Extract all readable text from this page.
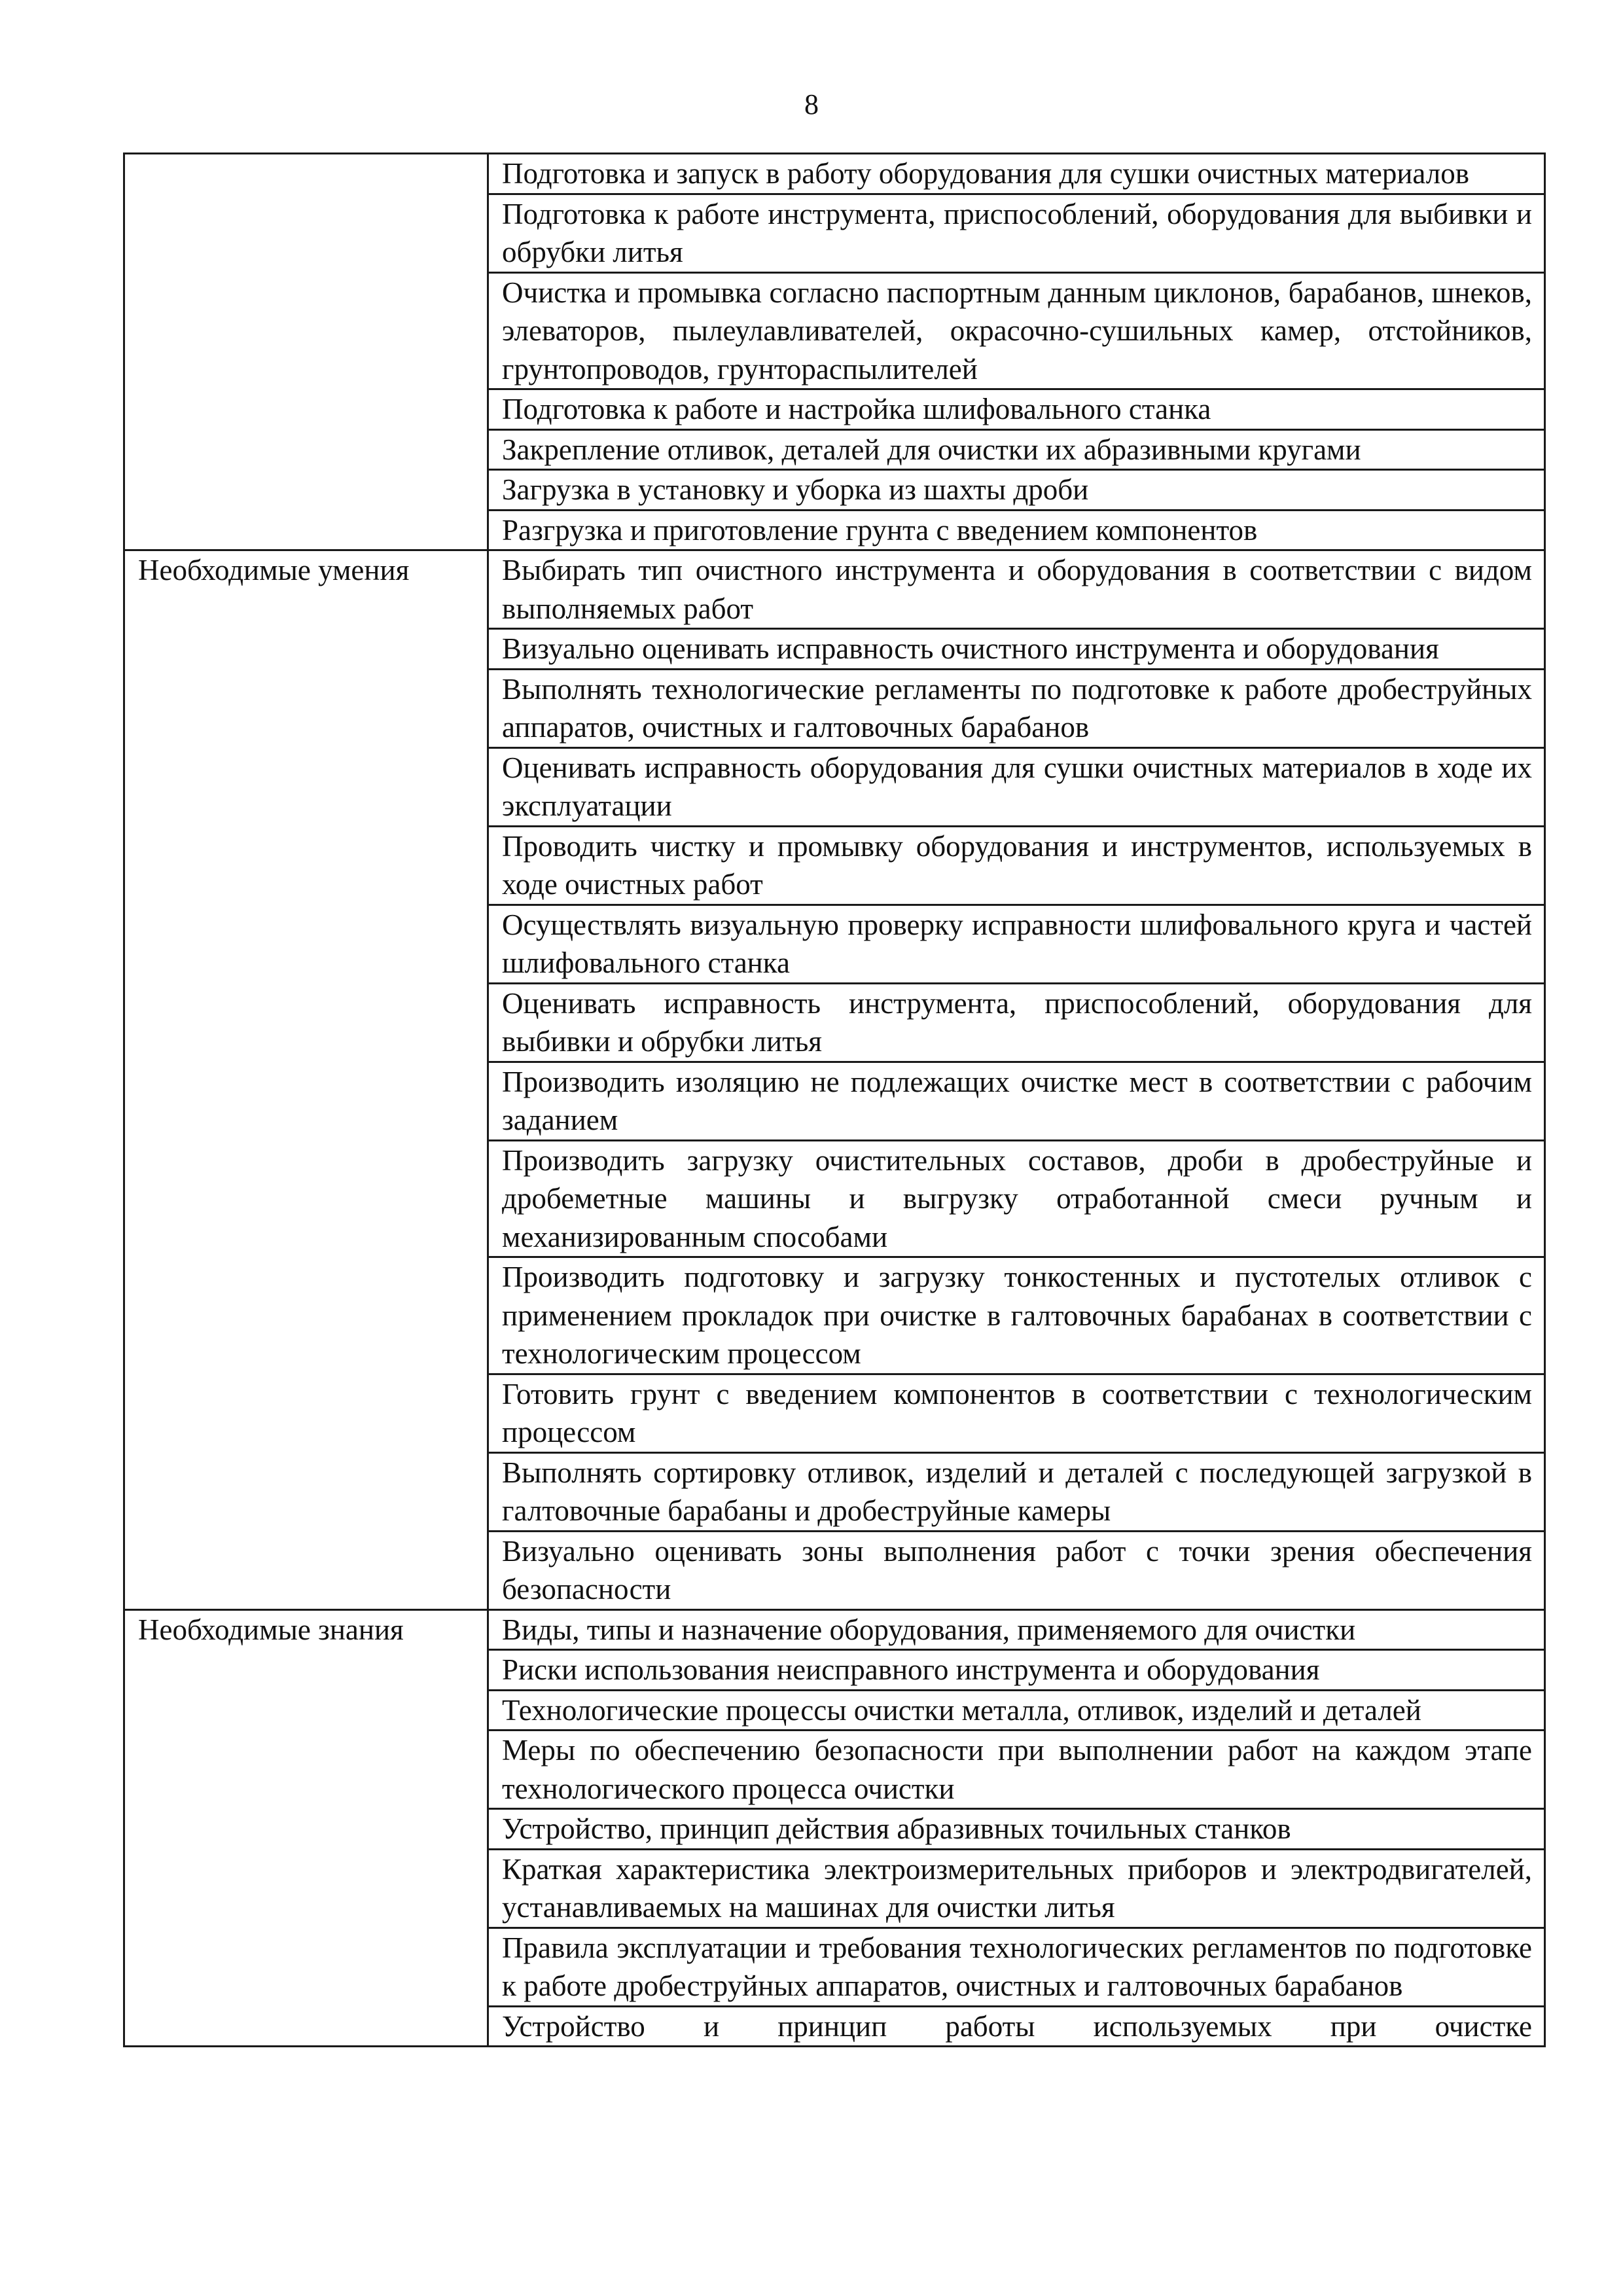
8
	Подготовка и запуск в работу оборудования для сушки очистных материалов
	Подготовка к работе инструмента, приспособлений, оборудования для выбивки и обрубки литья
	Очистка и промывка согласно паспортным данным циклонов, барабанов, шнеков, элеваторов, пылеулавливателей, окрасочно-сушильных камер, отстойников, грунтопроводов, грунтораспылителей
	Подготовка к работе и настройка шлифовального станка
	Закрепление отливок, деталей для очистки их абразивными кругами
	Загрузка в установку и уборка из шахты дроби
	Разгрузка и приготовление грунта с введением компонентов
Необходимые умения	Выбирать тип очистного инструмента и оборудования в соответствии с видом выполняемых работ
	Визуально оценивать исправность очистного инструмента и оборудования
	Выполнять технологические регламенты по подготовке к работе дробеструйных аппаратов, очистных и галтовочных барабанов
	Оценивать исправность оборудования для сушки очистных материалов в ходе их эксплуатации
	Проводить чистку и промывку оборудования и инструментов, используемых в ходе очистных работ
	Осуществлять визуальную проверку исправности шлифовального круга и частей шлифовального станка
	Оценивать исправность инструмента, приспособлений, оборудования для выбивки и обрубки литья
	Производить изоляцию не подлежащих очистке мест в соответствии с рабочим заданием
	Производить загрузку очистительных составов, дроби в дробеструйные и дробеметные машины и выгрузку отработанной смеси ручным и механизированным способами
	Производить подготовку и загрузку тонкостенных и пустотелых отливок с применением прокладок при очистке в галтовочных барабанах в соответствии с технологическим процессом
	Готовить грунт с введением компонентов в соответствии с технологическим процессом
	Выполнять сортировку отливок, изделий и деталей с последующей загрузкой в галтовочные барабаны и дробеструйные камеры
	Визуально оценивать зоны выполнения работ с точки зрения обеспечения безопасности
Необходимые знания	Виды, типы и назначение оборудования, применяемого для очистки
	Риски использования неисправного инструмента и оборудования
	Технологические процессы очистки металла, отливок, изделий и деталей
	Меры по обеспечению безопасности при выполнении работ на каждом этапе технологического процесса очистки
	Устройство, принцип действия абразивных точильных станков
	Краткая характеристика электроизмерительных приборов и электродвигателей, устанавливаемых на машинах для очистки литья
	Правила эксплуатации и требования технологических регламентов по подготовке к работе дробеструйных аппаратов, очистных и галтовочных барабанов
	Устройство и принцип работы используемых при очистке
